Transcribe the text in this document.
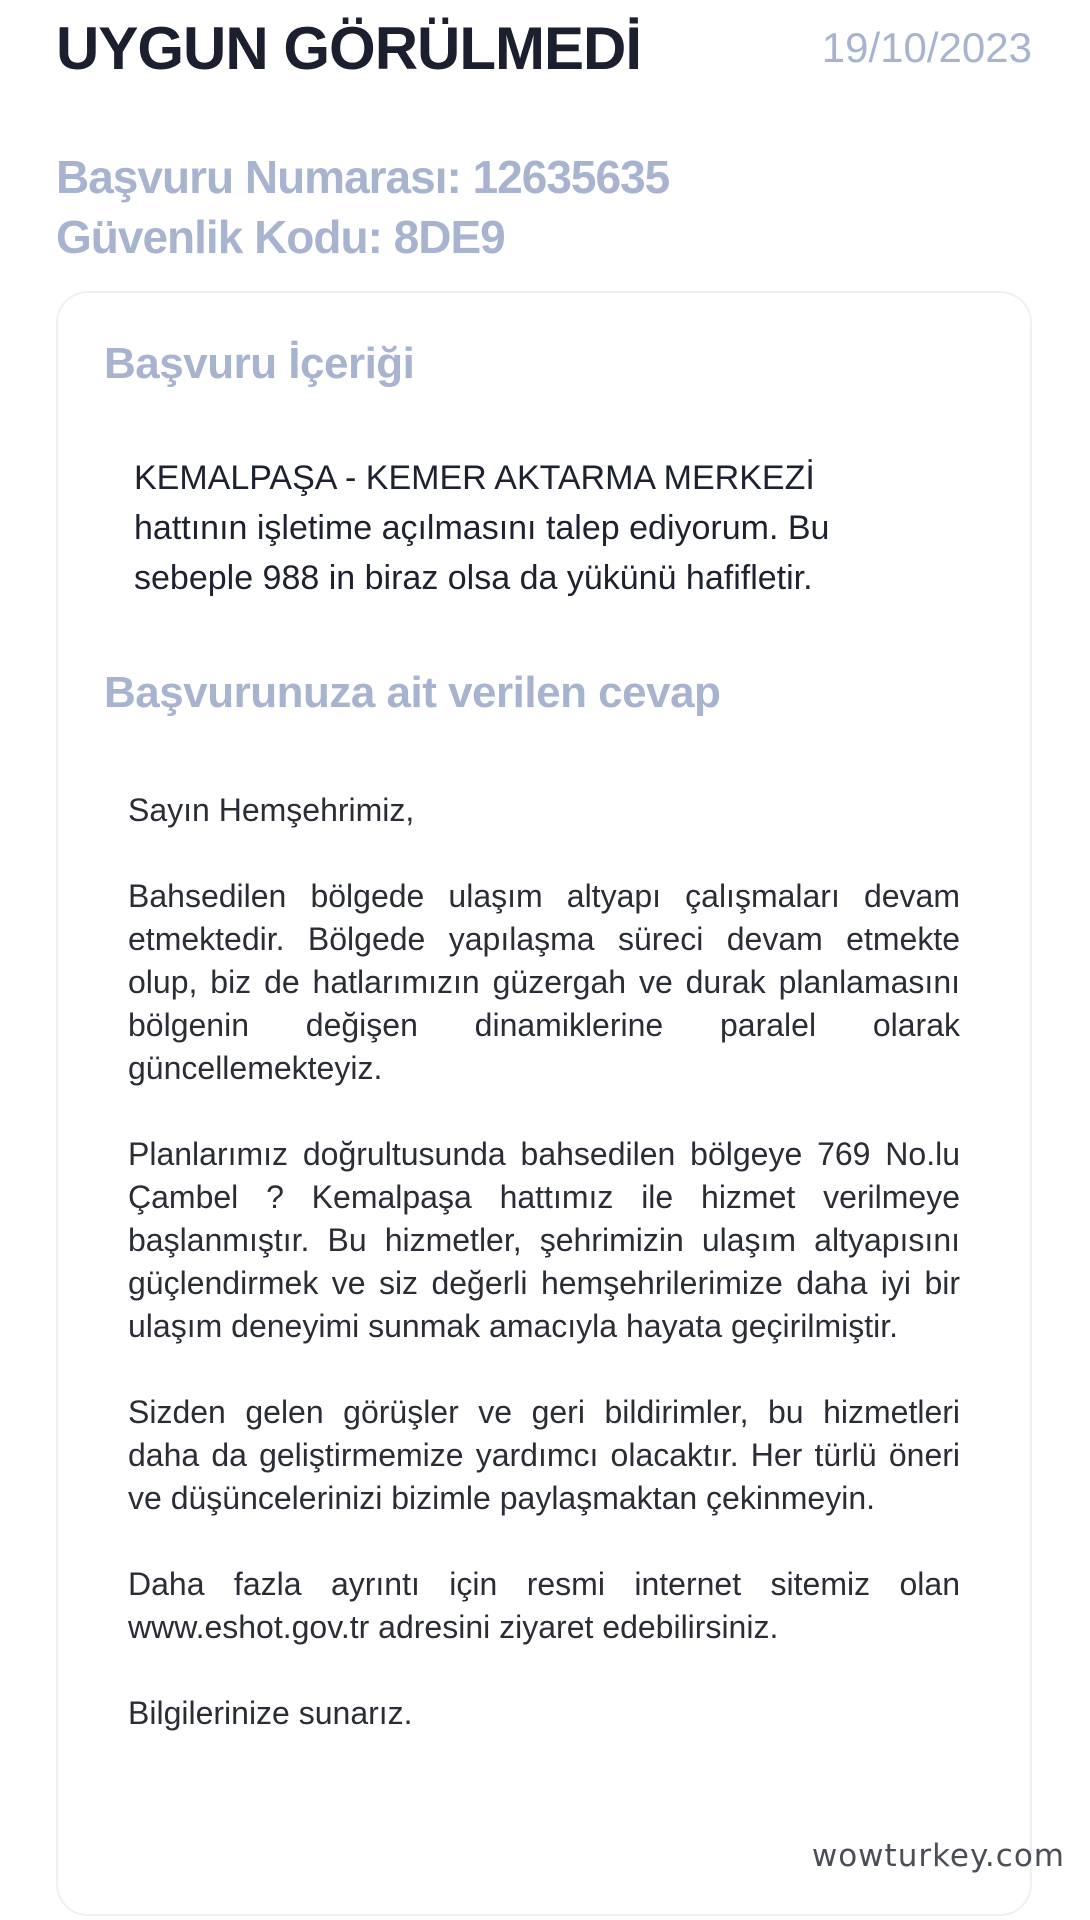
UYGUN GÖRÜLMEDİ	19/10/2023
Başvuru Numarası: 12635635
Güvenlik Kodu: 8DE9
Başvuru İçeriği

KEMALPAŞA - KEMER AKTARMA MERKEZİ

hattının işletime açılmasını talep ediyorum. Bu

sebeple 988 in biraz olsa da yükünü hafifletir.

Başvurunuza ait verilen cevap

Sayın Hemşehrimiz,

Bahsedilen bölgede ulaşım altyapı çalışmaları devam etmektedir. Bölgede yapılaşma süreci devam etmekte olup, biz de hatlarımızın güzergah ve durak planlamasını bölgenin değişen dinamiklerine paralel olarak güncellemekteyiz.

Planlarımız doğrultusunda bahsedilen bölgeye 769 No.lu Çambel ? Kemalpaşa hattımız ile hizmet verilmeye başlanmıştır. Bu hizmetler, şehrimizin ulaşım altyapısını güçlendirmek ve siz değerli hemşehrilerimize daha iyi bir ulaşım deneyimi sunmak amacıyla hayata geçirilmiştir.

Sizden gelen görüşler ve geri bildirimler, bu hizmetleri daha da geliştirmemize yardımcı olacaktır. Her türlü öneri ve düşüncelerinizi bizimle paylaşmaktan çekinmeyin.

Daha fazla ayrıntı için resmi internet sitemiz olan www.eshot.gov.tr adresini ziyaret edebilirsiniz.

Bilgilerinize sunarız.

wowturkey.com
